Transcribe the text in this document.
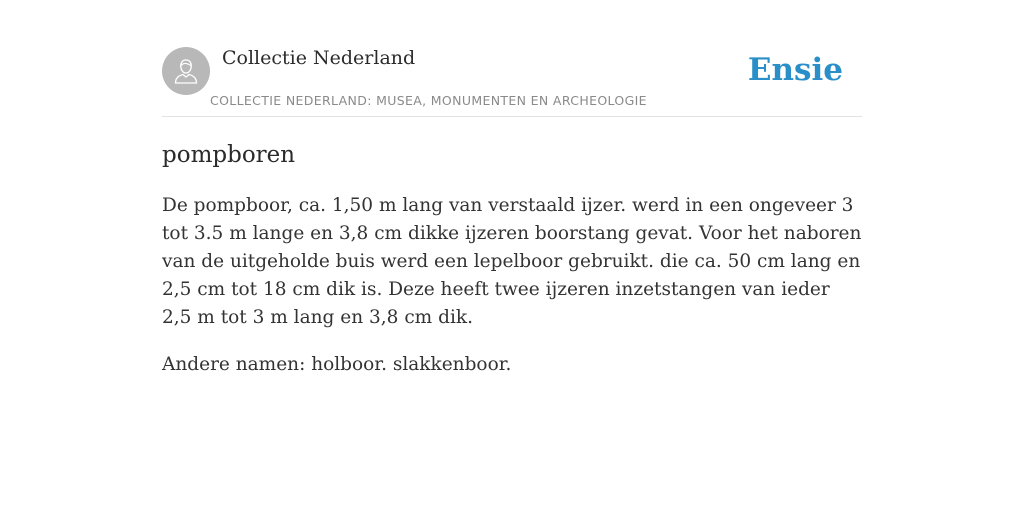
Collectie Nederland
COLLECTIE NEDERLAND: MUSEA, MONUMENTEN EN ARCHEOLOGIE
Ensie
pompboren

De pompboor, ca. 1,50 m lang van verstaald ijzer. werd in een ongeveer 3 tot 3.5 m lange en 3,8 cm dikke ijzeren boorstang gevat. Voor het naboren van de uitgeholde buis werd een lepelboor gebruikt. die ca. 50 cm lang en 2,5 cm tot 18 cm dik is. Deze heeft twee ijzeren inzetstangen van ieder 2,5 m tot 3 m lang en 3,8 cm dik.

Andere namen: holboor. slakkenboor.
